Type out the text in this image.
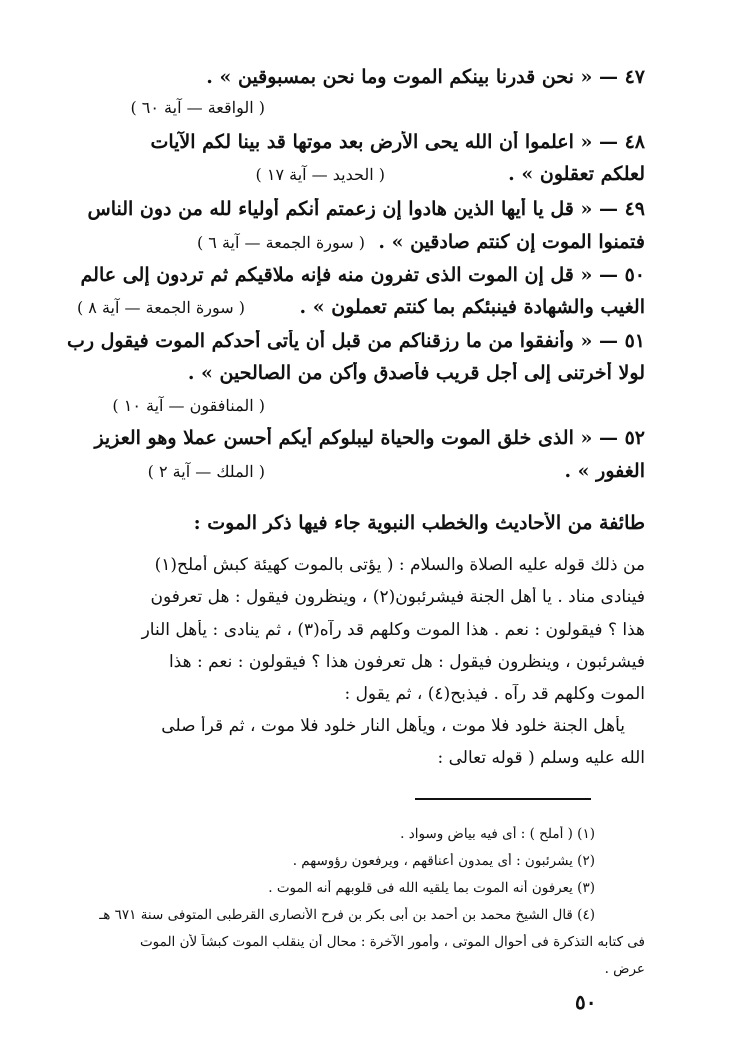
٤٧ — « نحن قدرنا بينكم الموت وما نحن بمسبوقين » .
( الواقعة — آية ٦٠ )
٤٨ — « اعلموا أن الله يحى الأرض بعد موتها قد بينا لكم الآيات
لعلكم تعقلون » .
( الحديد — آية ١٧ )
٤٩ — « قل يا أيها الذين هادوا إن زعمتم أنكم أولياء لله من دون الناس
فتمنوا الموت إن كنتم صادقين » .
( سورة الجمعة — آية ٦ )
٥٠ — « قل إن الموت الذى تفرون منه فإنه ملاقيكم ثم تردون إلى عالم
الغيب والشهادة فينبئكم بما كنتم تعملون » .
( سورة الجمعة — آية ٨ )
٥١ — « وأنفقوا من ما رزقناكم من قبل أن يأتى أحدكم الموت فيقول رب
لولا أخرتنى إلى أجل قريب فأصدق وأكن من الصالحين » .
( المنافقون — آية ١٠ )
٥٢ — « الذى خلق الموت والحياة ليبلوكم أيكم أحسن عملا وهو العزيز
الغفور » .
( الملك — آية ٢ )
طائفة من الأحاديث والخطب النبوية جاء فيها ذكر الموت :
من ذلك قوله عليه الصلاة والسلام : ( يؤتى بالموت كهيئة كبش أملح(١)
فينادى مناد . يا أهل الجنة فيشرئبون(٢) ، وينظرون فيقول : هل تعرفون
هذا ؟ فيقولون : نعم . هذا الموت وكلهم قد رآه(٣) ، ثم ينادى : يأهل النار
فيشرئبون ، وينظرون فيقول : هل تعرفون هذا ؟ فيقولون : نعم : هذا
الموت وكلهم قد رآه . فيذبح(٤) ، ثم يقول :
يأهل الجنة خلود فلا موت ، ويأهل النار خلود فلا موت ، ثم قرأ صلى
الله عليه وسلم ( قوله تعالى :
(١) ( أملح ) : أى فيه بياض وسواد .
(٢) يشرئبون : أى يمدون أعناقهم ، ويرفعون رؤوسهم .
(٣) يعرفون أنه الموت بما يلقيه الله فى قلوبهم أنه الموت .
(٤) قال الشيخ محمد بن أحمد بن أبى بكر بن فرح الأنصارى القرطبى المتوفى سنة ٦٧١ هـ
فى كتابه التذكرة فى أحوال الموتى ، وأمور الآخرة : محال أن ينقلب الموت كبشاً لأن الموت
عرض .
٥٠
